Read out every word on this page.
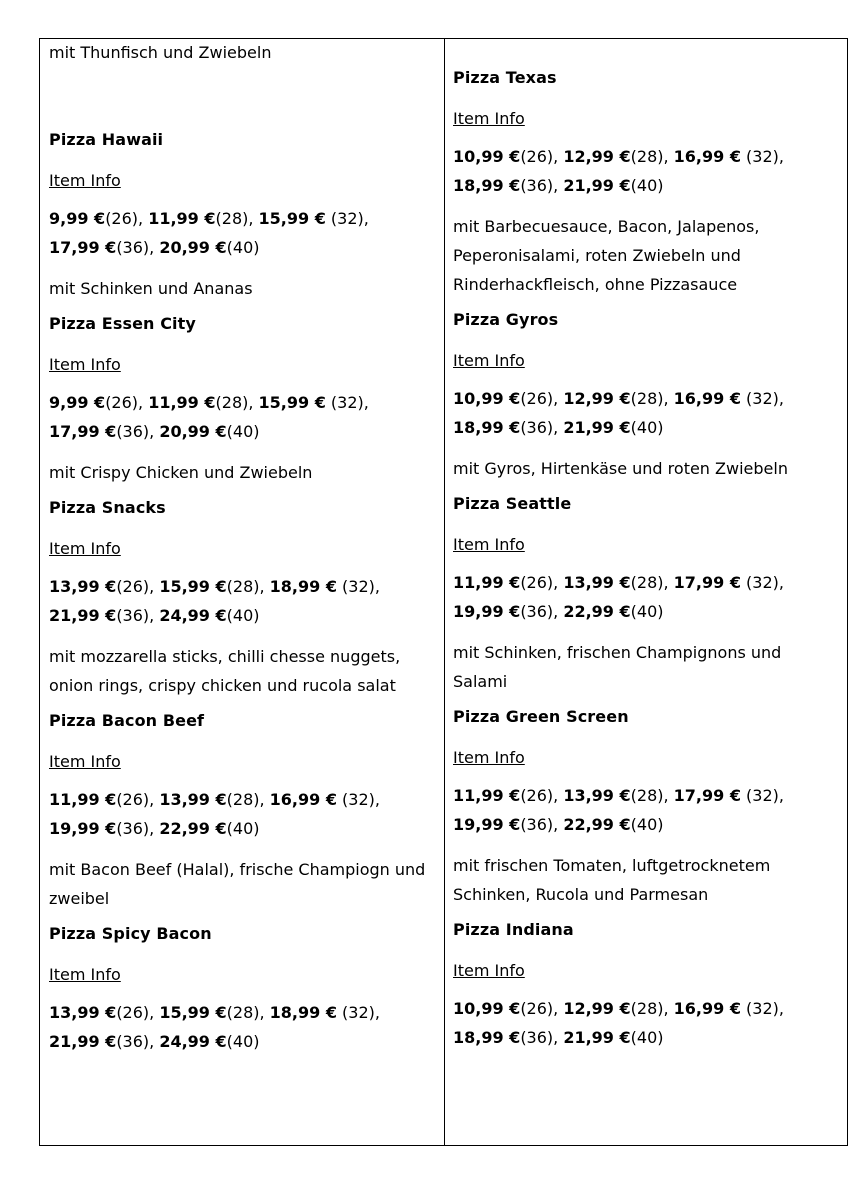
mit Thunfisch und Zwiebeln
Pizza Hawaii
Item Info
9,99 €(26), 11,99 €(28), 15,99 € (32),
17,99 €(36), 20,99 €(40)
mit Schinken und Ananas
Pizza Essen City
Item Info
9,99 €(26), 11,99 €(28), 15,99 € (32),
17,99 €(36), 20,99 €(40)
mit Crispy Chicken und Zwiebeln
Pizza Snacks
Item Info
13,99 €(26), 15,99 €(28), 18,99 € (32),
21,99 €(36), 24,99 €(40)
mit mozzarella sticks, chilli chesse nuggets, onion rings, crispy chicken und rucola salat
Pizza Bacon Beef
Item Info
11,99 €(26), 13,99 €(28), 16,99 € (32),
19,99 €(36), 22,99 €(40)
mit Bacon Beef (Halal), frische Champiogn und zweibel
Pizza Spicy Bacon
Item Info
13,99 €(26), 15,99 €(28), 18,99 € (32),
21,99 €(36), 24,99 €(40)
Pizza Texas
Item Info
10,99 €(26), 12,99 €(28), 16,99 € (32),
18,99 €(36), 21,99 €(40)
mit Barbecuesauce, Bacon, Jalapenos, Peperonisalami, roten Zwiebeln und Rinderhackfleisch, ohne Pizzasauce
Pizza Gyros
Item Info
10,99 €(26), 12,99 €(28), 16,99 € (32),
18,99 €(36), 21,99 €(40)
mit Gyros, Hirtenkäse und roten Zwiebeln
Pizza Seattle
Item Info
11,99 €(26), 13,99 €(28), 17,99 € (32),
19,99 €(36), 22,99 €(40)
mit Schinken, frischen Champignons und Salami
Pizza Green Screen
Item Info
11,99 €(26), 13,99 €(28), 17,99 € (32),
19,99 €(36), 22,99 €(40)
mit frischen Tomaten, luftgetrocknetem Schinken, Rucola und Parmesan
Pizza Indiana
Item Info
10,99 €(26), 12,99 €(28), 16,99 € (32),
18,99 €(36), 21,99 €(40)
